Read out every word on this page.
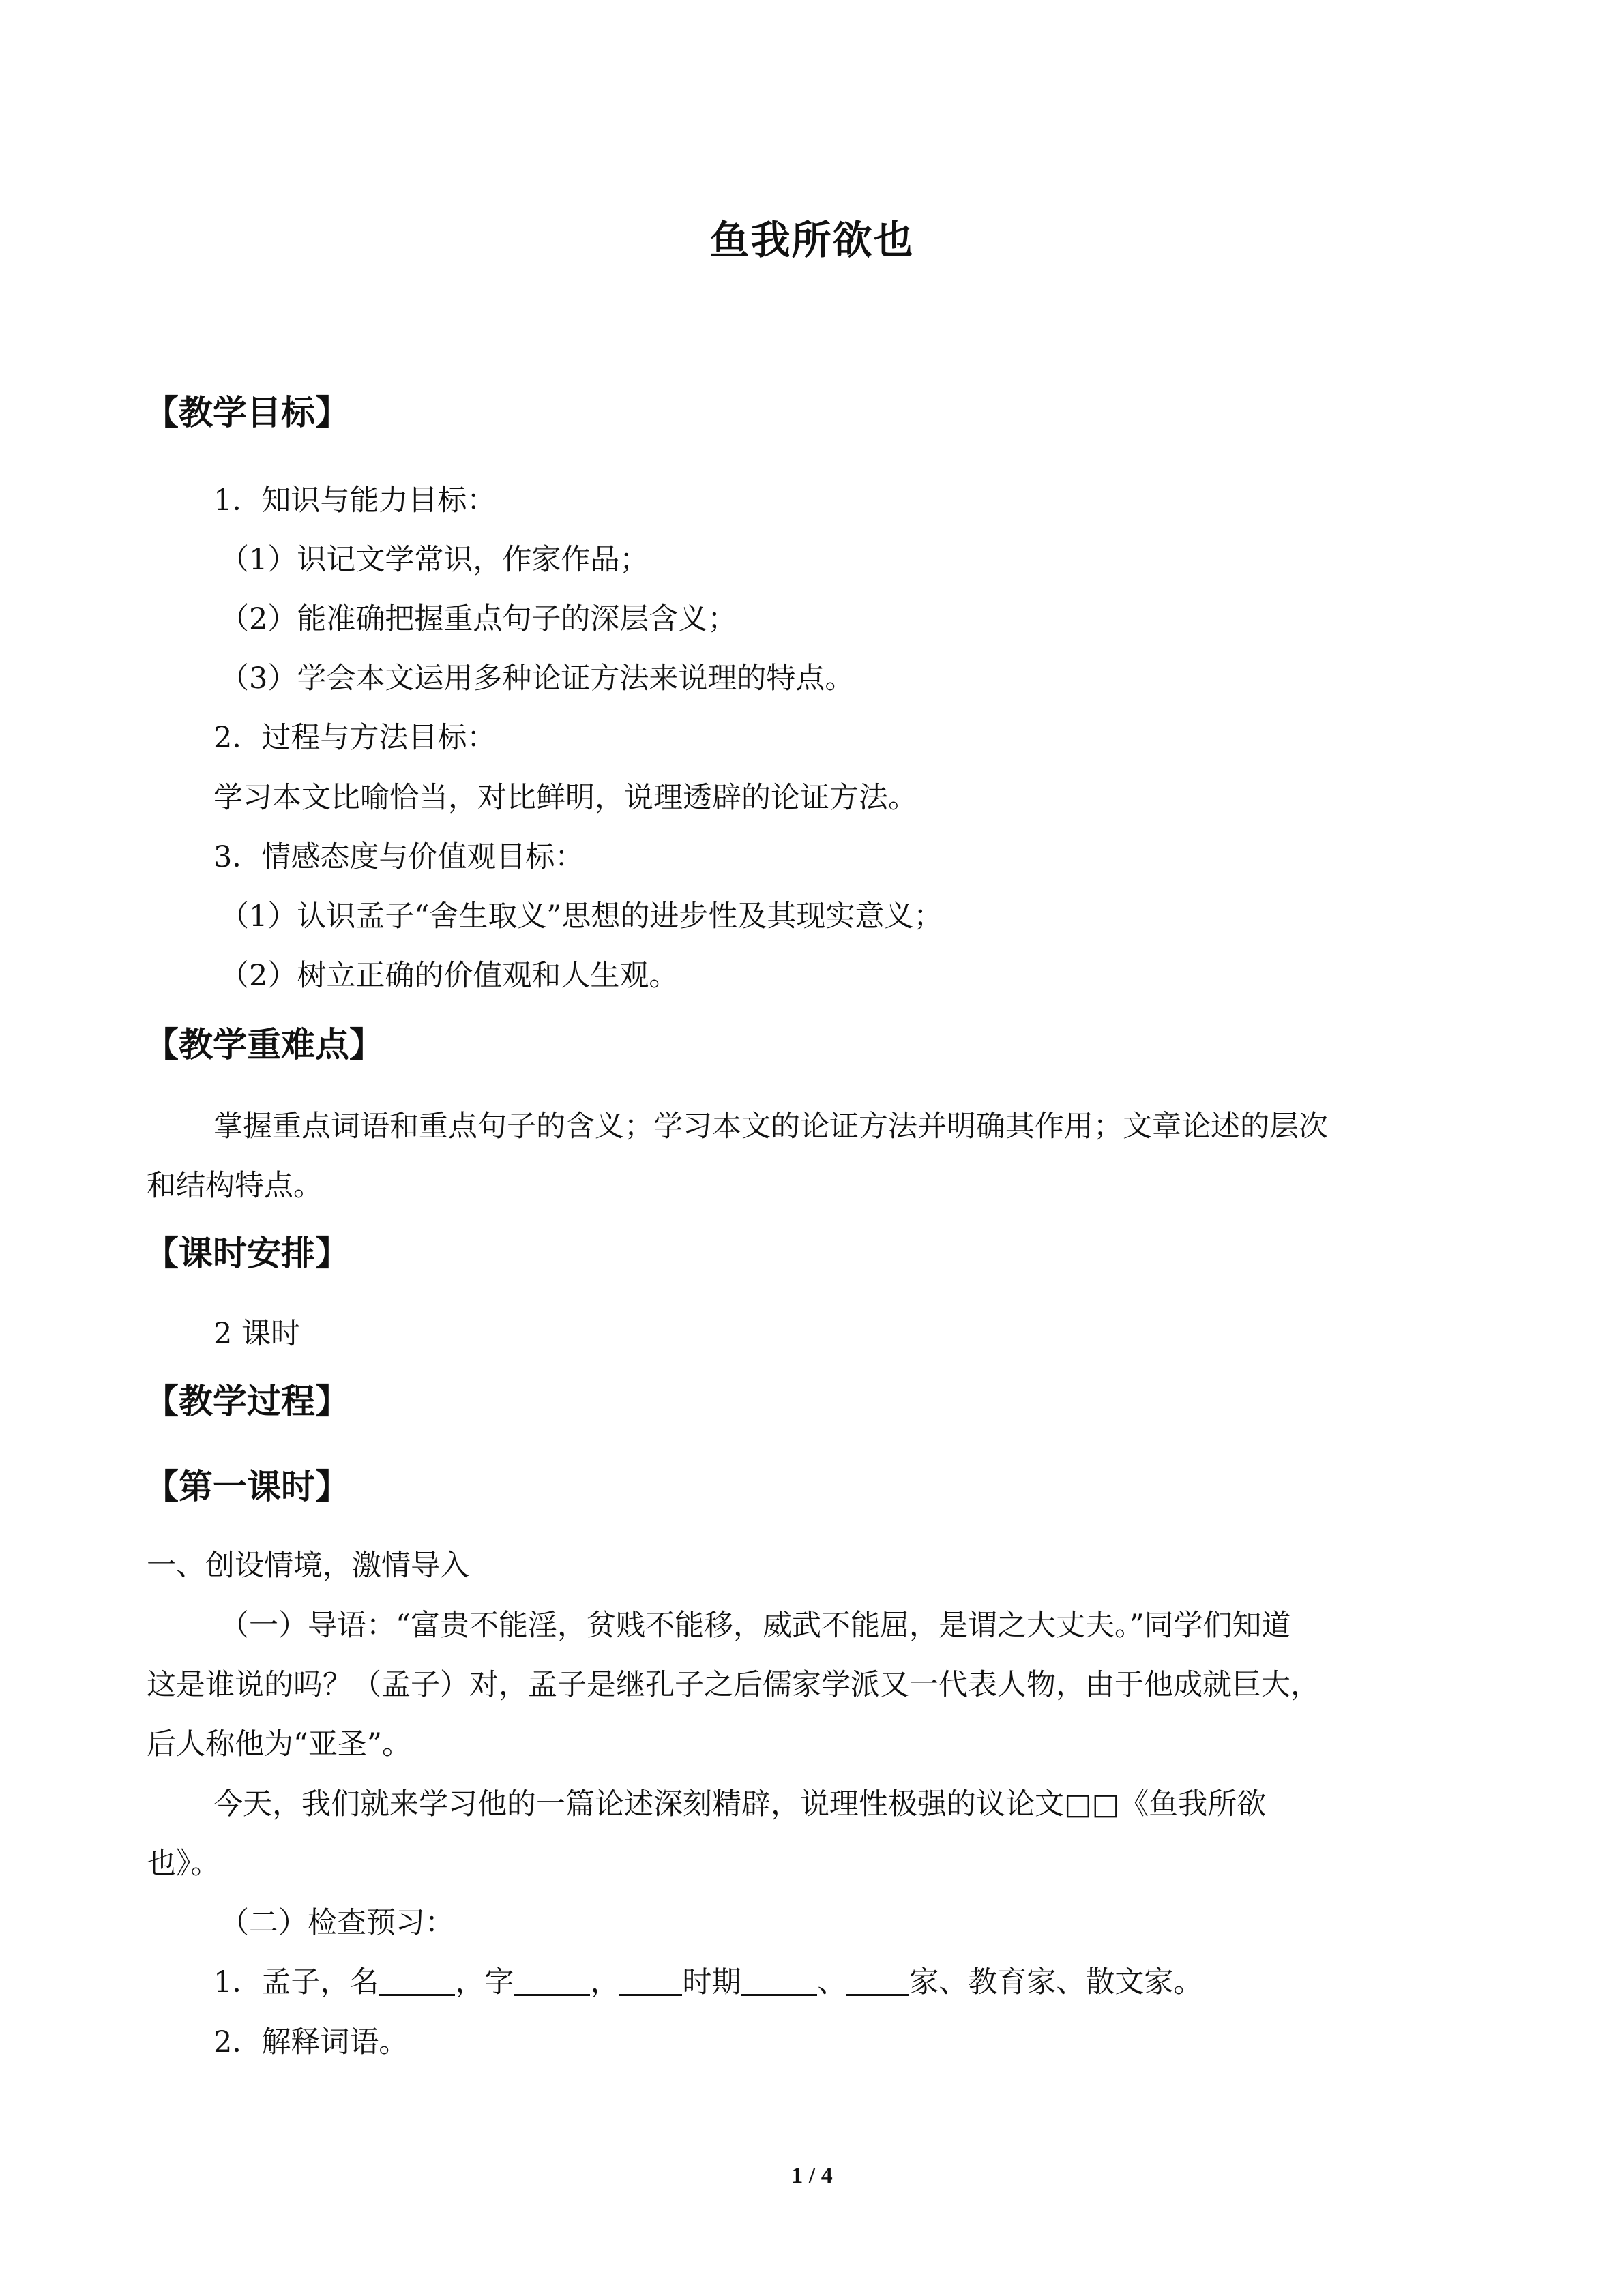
鱼我所欲也
【教学目标】
1．知识与能力目标：
（1）识记文学常识，作家作品；
（2）能准确把握重点句子的深层含义；
（3）学会本文运用多种论证方法来说理的特点。
2．过程与方法目标：
学习本文比喻恰当，对比鲜明，说理透辟的论证方法。
3．情感态度与价值观目标：
（1）认识孟子“舍生取义”思想的进步性及其现实意义；
（2）树立正确的价值观和人生观。
【教学重难点】
掌握重点词语和重点句子的含义；学习本文的论证方法并明确其作用；文章论述的层次
和结构特点。
【课时安排】
2 课时
【教学过程】
【第一课时】
一、创设情境，激情导入
（一）导语：“富贵不能淫，贫贱不能移，威武不能屈，是谓之大丈夫。”同学们知道
这是谁说的吗？（孟子）对，孟子是继孔子之后儒家学派又一代表人物，由于他成就巨大，
后人称他为“亚圣”。
今天，我们就来学习他的一篇论述深刻精辟，说理性极强的议论文□□《鱼我所欲
也》。
（二）检查预习：
1．孟子，名	，字	， 时期	、 家、教育家、散文家。
2．解释词语。
1 / 4
